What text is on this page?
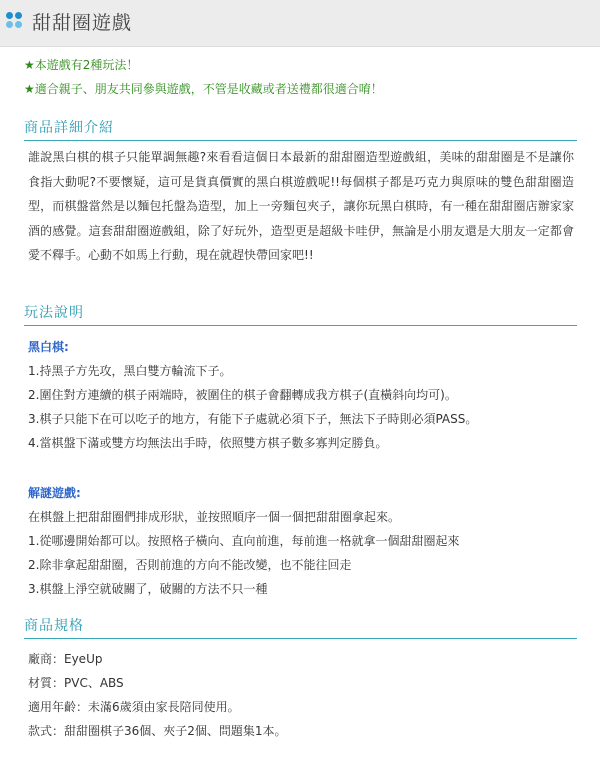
甜甜圈遊戲
★本遊戲有2種玩法！
★適合親子、朋友共同參與遊戲，不管是收藏或者送禮都很適合唷！
商品詳細介紹

誰說黑白棋的棋子只能單調無趣?來看看這個日本最新的甜甜圈造型遊戲組，美味的甜甜圈是不是讓你食指大動呢?不要懷疑，這可是貨真價實的黑白棋遊戲呢!!每個棋子都是巧克力與原味的雙色甜甜圈造型，而棋盤當然是以麵包托盤為造型，加上一旁麵包夾子，讓你玩黑白棋時，有一種在甜甜圈店辦家家酒的感覺。這套甜甜圈遊戲組，除了好玩外，造型更是超級卡哇伊，無論是小朋友還是大朋友一定都會愛不釋手。心動不如馬上行動，現在就趕快帶回家吧!!

玩法說明
黑白棋:
1.持黑子方先攻，黑白雙方輪流下子。
2.圍住對方連續的棋子兩端時，被圍住的棋子會翻轉成我方棋子(直橫斜向均可)。
3.棋子只能下在可以吃子的地方，有能下子處就必須下子，無法下子時則必須PASS。
4.當棋盤下滿或雙方均無法出手時，依照雙方棋子數多寡判定勝負。
解謎遊戲:
在棋盤上把甜甜圈們排成形狀，並按照順序一個一個把甜甜圈拿起來。
1.從哪邊開始都可以。按照格子橫向、直向前進，每前進一格就拿一個甜甜圈起來
2.除非拿起甜甜圈，否則前進的方向不能改變，也不能往回走
3.棋盤上淨空就破關了，破關的方法不只一種
商品規格
廠商：EyeUp
材質：PVC、ABS
適用年齡：未滿6歲須由家長陪同使用。
款式：甜甜圈棋子36個、夾子2個、問題集1本。
